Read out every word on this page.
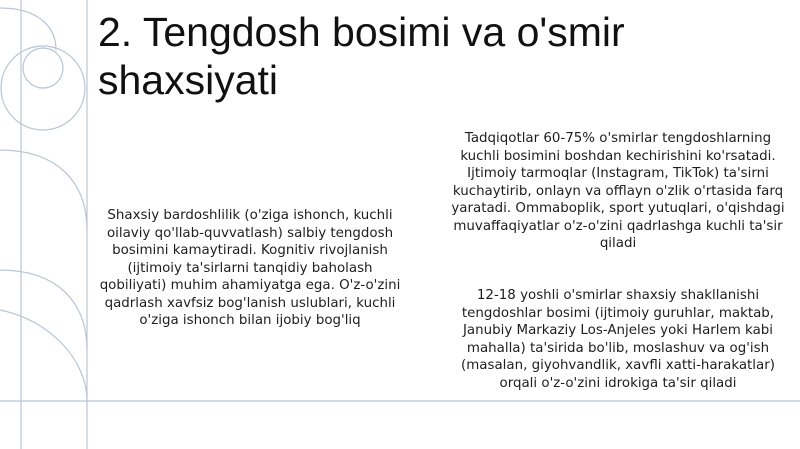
2. Tengdosh bosimi va o'smir shaxsiyati

Shaxsiy bardoshlilik (o'ziga ishonch, kuchli oilaviy qo'llab-quvvatlash) salbiy tengdosh bosimini kamaytiradi. Kognitiv rivojlanish (ijtimoiy ta'sirlarni tanqidiy baholash qobiliyati) muhim ahamiyatga ega. O'z-o'zini qadrlash xavfsiz bog'lanish uslublari, kuchli o'ziga ishonch bilan ijobiy bog'liq

Tadqiqotlar 60-75% o'smirlar tengdoshlarning kuchli bosimini boshdan kechirishini ko'rsatadi. Ijtimoiy tarmoqlar (Instagram, TikTok) ta'sirni kuchaytirib, onlayn va offlayn o'zlik o'rtasida farq yaratadi. Ommaboplik, sport yutuqlari, o'qishdagi muvaffaqiyatlar o'z-o'zini qadrlashga kuchli ta'sir qiladi

12-18 yoshli o'smirlar shaxsiy shakllanishi tengdoshlar bosimi (ijtimoiy guruhlar, maktab, Janubiy Markaziy Los-Anjeles yoki Harlem kabi mahalla) ta'sirida bo'lib, moslashuv va og'ish (masalan, giyohvandlik, xavfli xatti-harakatlar) orqali o'z-o'zini idrokiga ta'sir qiladi
